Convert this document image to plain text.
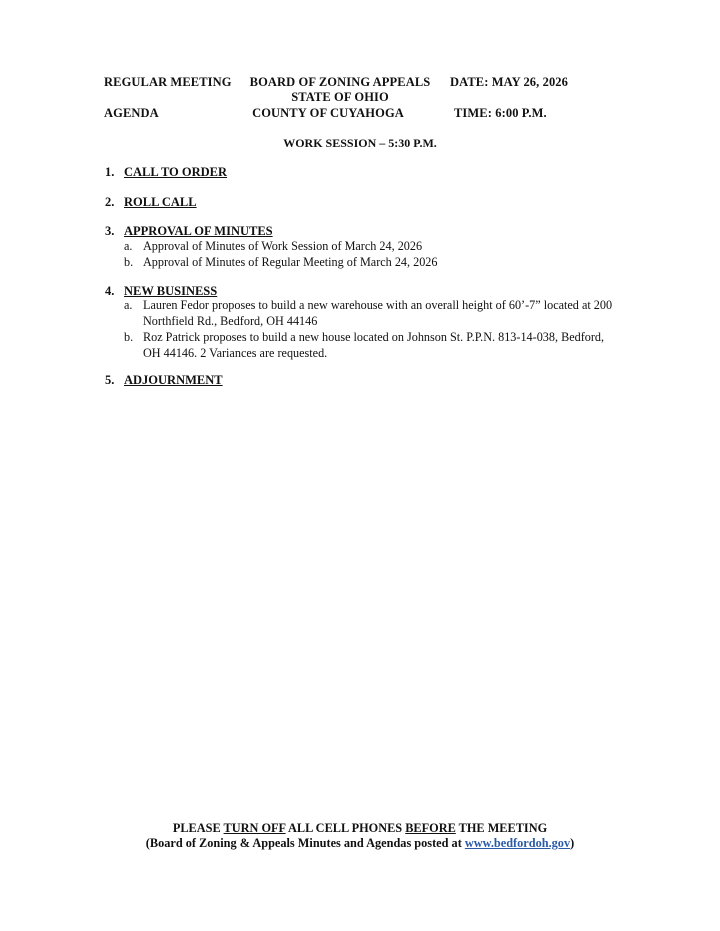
REGULAR MEETING
AGENDA
BOARD OF ZONING APPEALS
STATE OF OHIO
COUNTY OF CUYAHOGA
DATE: MAY 26, 2026
TIME: 6:00 P.M.
WORK SESSION – 5:30 P.M.
1. CALL TO ORDER
2. ROLL CALL
3. APPROVAL OF MINUTES
a. Approval of Minutes of Work Session of March 24, 2026
b. Approval of Minutes of Regular Meeting of March 24, 2026
4. NEW BUSINESS
a. Lauren Fedor proposes to build a new warehouse with an overall height of 60’-7” located at 200 Northfield Rd., Bedford, OH 44146
b. Roz Patrick proposes to build a new house located on Johnson St. P.P.N. 813-14-038, Bedford, OH 44146. 2 Variances are requested.
5. ADJOURNMENT
PLEASE TURN OFF ALL CELL PHONES BEFORE THE MEETING
(Board of Zoning & Appeals Minutes and Agendas posted at www.bedfordoh.gov)
